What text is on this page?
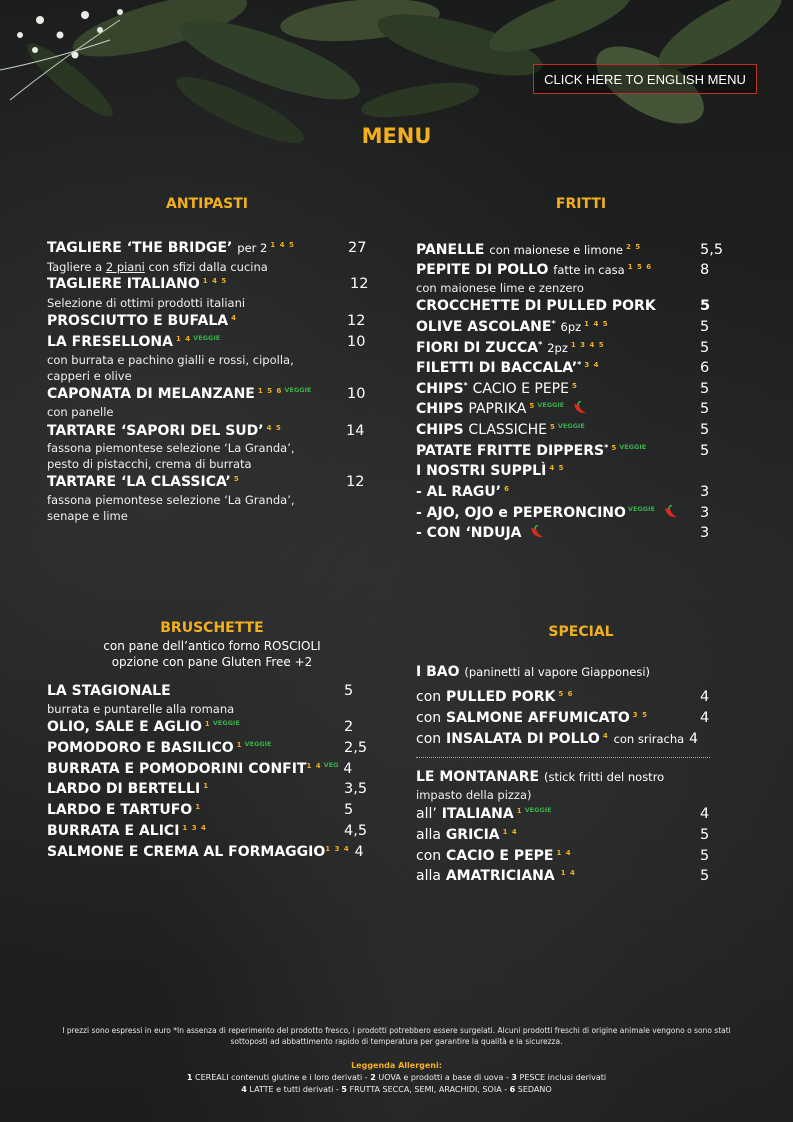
CLICK HERE TO ENGLISH MENU
MENU
ANTIPASTI
TAGLIERE ‘THE BRIDGE’ per 2 $^{1 4 5}$	27
Tagliere a 2 piani con sfizi dalla cucina
TAGLIERE ITALIANO $^{1 4 5}$	12
Selezione di ottimi prodotti italiani
PROSCIUTTO E BUFALA $^4$	12
LA FRESELLONA $^{1 4}$ $^{VEGGIE}$	10
con burrata e pachino gialli e rossi, cipolla,
capperi e olive
CAPONATA DI MELANZANE $^{1 5 6}$ $^{VEGGIE}$ 10
con panelle
TARTARE ‘SAPORI DEL SUD’ $^{4 5}$	14
fassona piemontese selezione ‘La Granda’,
pesto di pistacchi, crema di burrata
TARTARE ‘LA CLASSICA’ $^5$	12
fassona piemontese selezione ‘La Granda’,
senape e lime
FRITTI
PANELLE con maionese e limone $^{2 5}$	5,5
PEPITE DI POLLO fatte in casa $^{1 5 6}$	8
con maionese lime e zenzero
CROCCHETTE DI PULLED PORK	5
OLIVE ASCOLANE* 6pz $^{1 4 5}$	5
FIORI DI ZUCCA* 2pz $^{1 3 4 5}$	5
FILETTI DI BACCALA’* $^{3 4}$	6
CHIPS* CACIO E PEPE $^5$	5
CHIPS PAPRIKA $^5$ $^{VEGGIE}$	5
CHIPS CLASSICHE $^5$ $^{VEGGIE}$	5
PATATE FRITTE DIPPERS* $^5$ $^{VEGGIE}$	5
I NOSTRI SUPPLÌ $^{4 5}$
- AL RAGU’ $^6$	3
- AJO, OJO e PEPERONCINO $^{VEGGIE}$	3
- CON ‘NDUJA	3
BRUSCHETTE
con pane dell’antico forno ROSCIOLI
opzione con pane Gluten Free +2
LA STAGIONALE	5
burrata e puntarelle alla romana
OLIO, SALE E AGLIO $^1$ $^{VEGGIE}$	2
POMODORO E BASILICO $^1$ $^{VEGGIE}$	2,5
BURRATA E POMODORINI $CONFIT^{1 4}$ $^{VEG}$ 4
LARDO DI BERTELLI $^1$	3,5
LARDO E TARTUFO $^1$	5
BURRATA E ALICI $^{1 3 4}$	4,5
SALMONE E CREMA AL $FORMAGGIO^{1 3 4}$ 4
SPECIAL
I BAO (paninetti al vapore Giapponesi)
con PULLED PORK $^{5 6}$	4
con SALMONE AFFUMICATO $^{3 5}$	4
con INSALATA DI POLLO $^4$ con sriracha 4
LE MONTANARE (stick fritti del nostro
impasto della pizza)
all’ ITALIANA $^1$ $^{VEGGIE}$	4
alla GRICIA $^{1 4}$	5
con CACIO E PEPE $^{1 4}$	5
alla AMATRICIANA $^{1 4}$	5
I prezzi sono espressi in euro *In assenza di reperimento del prodotto fresco, i prodotti potrebbero essere surgelati. Alcuni prodotti freschi di origine animale vengono o sono stati
sottoposti ad abbattimento rapido di temperatura per garantire la qualità e la sicurezza.
Leggenda Allergeni:
1 CEREALI contenuti glutine e i loro derivati - 2 UOVA e prodotti a base di uova - 3 PESCE inclusi derivati
4 LATTE e tutti derivati - 5 FRUTTA SECCA, SEMI, ARACHIDI, SOIA - 6 SEDANO
